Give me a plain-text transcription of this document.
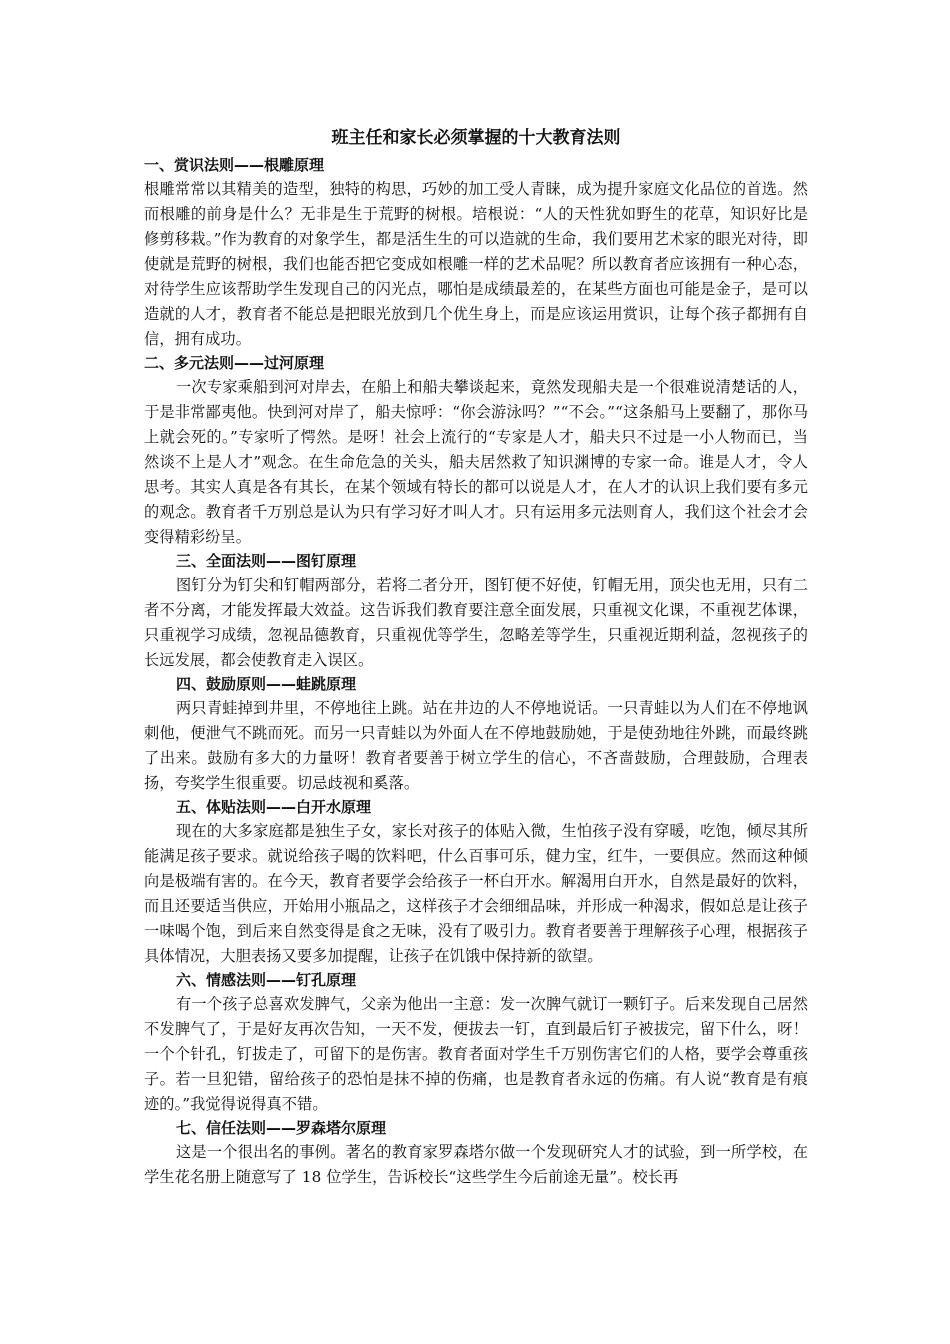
班主任和家长必须掌握的十大教育法则

一、赏识法则——根雕原理

根雕常常以其精美的造型，独特的构思，巧妙的加工受人青睐，成为提升家庭文化品位的首选。然而根雕的前身是什么？无非是生于荒野的树根。培根说：“人的天性犹如野生的花草，知识好比是修剪移栽。”作为教育的对象学生，都是活生生的可以造就的生命，我们要用艺术家的眼光对待，即使就是荒野的树根，我们也能否把它变成如根雕一样的艺术品呢？所以教育者应该拥有一种心态，对待学生应该帮助学生发现自己的闪光点，哪怕是成绩最差的，在某些方面也可能是金子，是可以造就的人才，教育者不能总是把眼光放到几个优生身上，而是应该运用赏识，让每个孩子都拥有自信，拥有成功。

二、多元法则——过河原理

一次专家乘船到河对岸去，在船上和船夫攀谈起来，竟然发现船夫是一个很难说清楚话的人，于是非常鄙夷他。快到河对岸了，船夫惊呼：“你会游泳吗？”“不会。”“这条船马上要翻了，那你马上就会死的。”专家听了愕然。是呀！社会上流行的“专家是人才，船夫只不过是一小人物而已，当然谈不上是人才”观念。在生命危急的关头，船夫居然救了知识渊博的专家一命。谁是人才，令人思考。其实人真是各有其长，在某个领域有特长的都可以说是人才，在人才的认识上我们要有多元的观念。教育者千万别总是认为只有学习好才叫人才。只有运用多元法则育人，我们这个社会才会变得精彩纷呈。

三、全面法则——图钉原理

图钉分为钉尖和钉帽两部分，若将二者分开，图钉便不好使，钉帽无用，顶尖也无用，只有二者不分离，才能发挥最大效益。这告诉我们教育要注意全面发展，只重视文化课，不重视艺体课，只重视学习成绩，忽视品德教育，只重视优等学生，忽略差等学生，只重视近期利益，忽视孩子的长远发展，都会使教育走入误区。

四、鼓励原则——蛙跳原理

两只青蛙掉到井里，不停地往上跳。站在井边的人不停地说话。一只青蛙以为人们在不停地讽刺他，便泄气不跳而死。而另一只青蛙以为外面人在不停地鼓励她，于是使劲地往外跳，而最终跳了出来。鼓励有多大的力量呀！教育者要善于树立学生的信心，不吝啬鼓励，合理鼓励，合理表扬，夸奖学生很重要。切忌歧视和奚落。

五、体贴法则——白开水原理

现在的大多家庭都是独生子女，家长对孩子的体贴入微，生怕孩子没有穿暖，吃饱，倾尽其所能满足孩子要求。就说给孩子喝的饮料吧，什么百事可乐，健力宝，红牛，一要俱应。然而这种倾向是极端有害的。在今天，教育者要学会给孩子一杯白开水。解渴用白开水，自然是最好的饮料，而且还要适当供应，开始用小瓶品之，这样孩子才会细细品味，并形成一种渴求，假如总是让孩子一味喝个饱，到后来自然变得是食之无味，没有了吸引力。教育者要善于理解孩子心理，根据孩子具体情况，大胆表扬又要多加提醒，让孩子在饥饿中保持新的欲望。

六、情感法则——钉孔原理

有一个孩子总喜欢发脾气，父亲为他出一主意：发一次脾气就订一颗钉子。后来发现自己居然不发脾气了，于是好友再次告知，一天不发，便拔去一钉，直到最后钉子被拔完，留下什么，呀！一个个针孔，钉拔走了，可留下的是伤害。教育者面对学生千万别伤害它们的人格，要学会尊重孩子。若一旦犯错，留给孩子的恐怕是抹不掉的伤痛，也是教育者永远的伤痛。有人说“教育是有痕迹的。”我觉得说得真不错。

七、信任法则——罗森塔尔原理

这是一个很出名的事例。著名的教育家罗森塔尔做一个发现研究人才的试验，到一所学校，在学生花名册上随意写了 18 位学生，告诉校长“这些学生今后前途无量”。校长再
